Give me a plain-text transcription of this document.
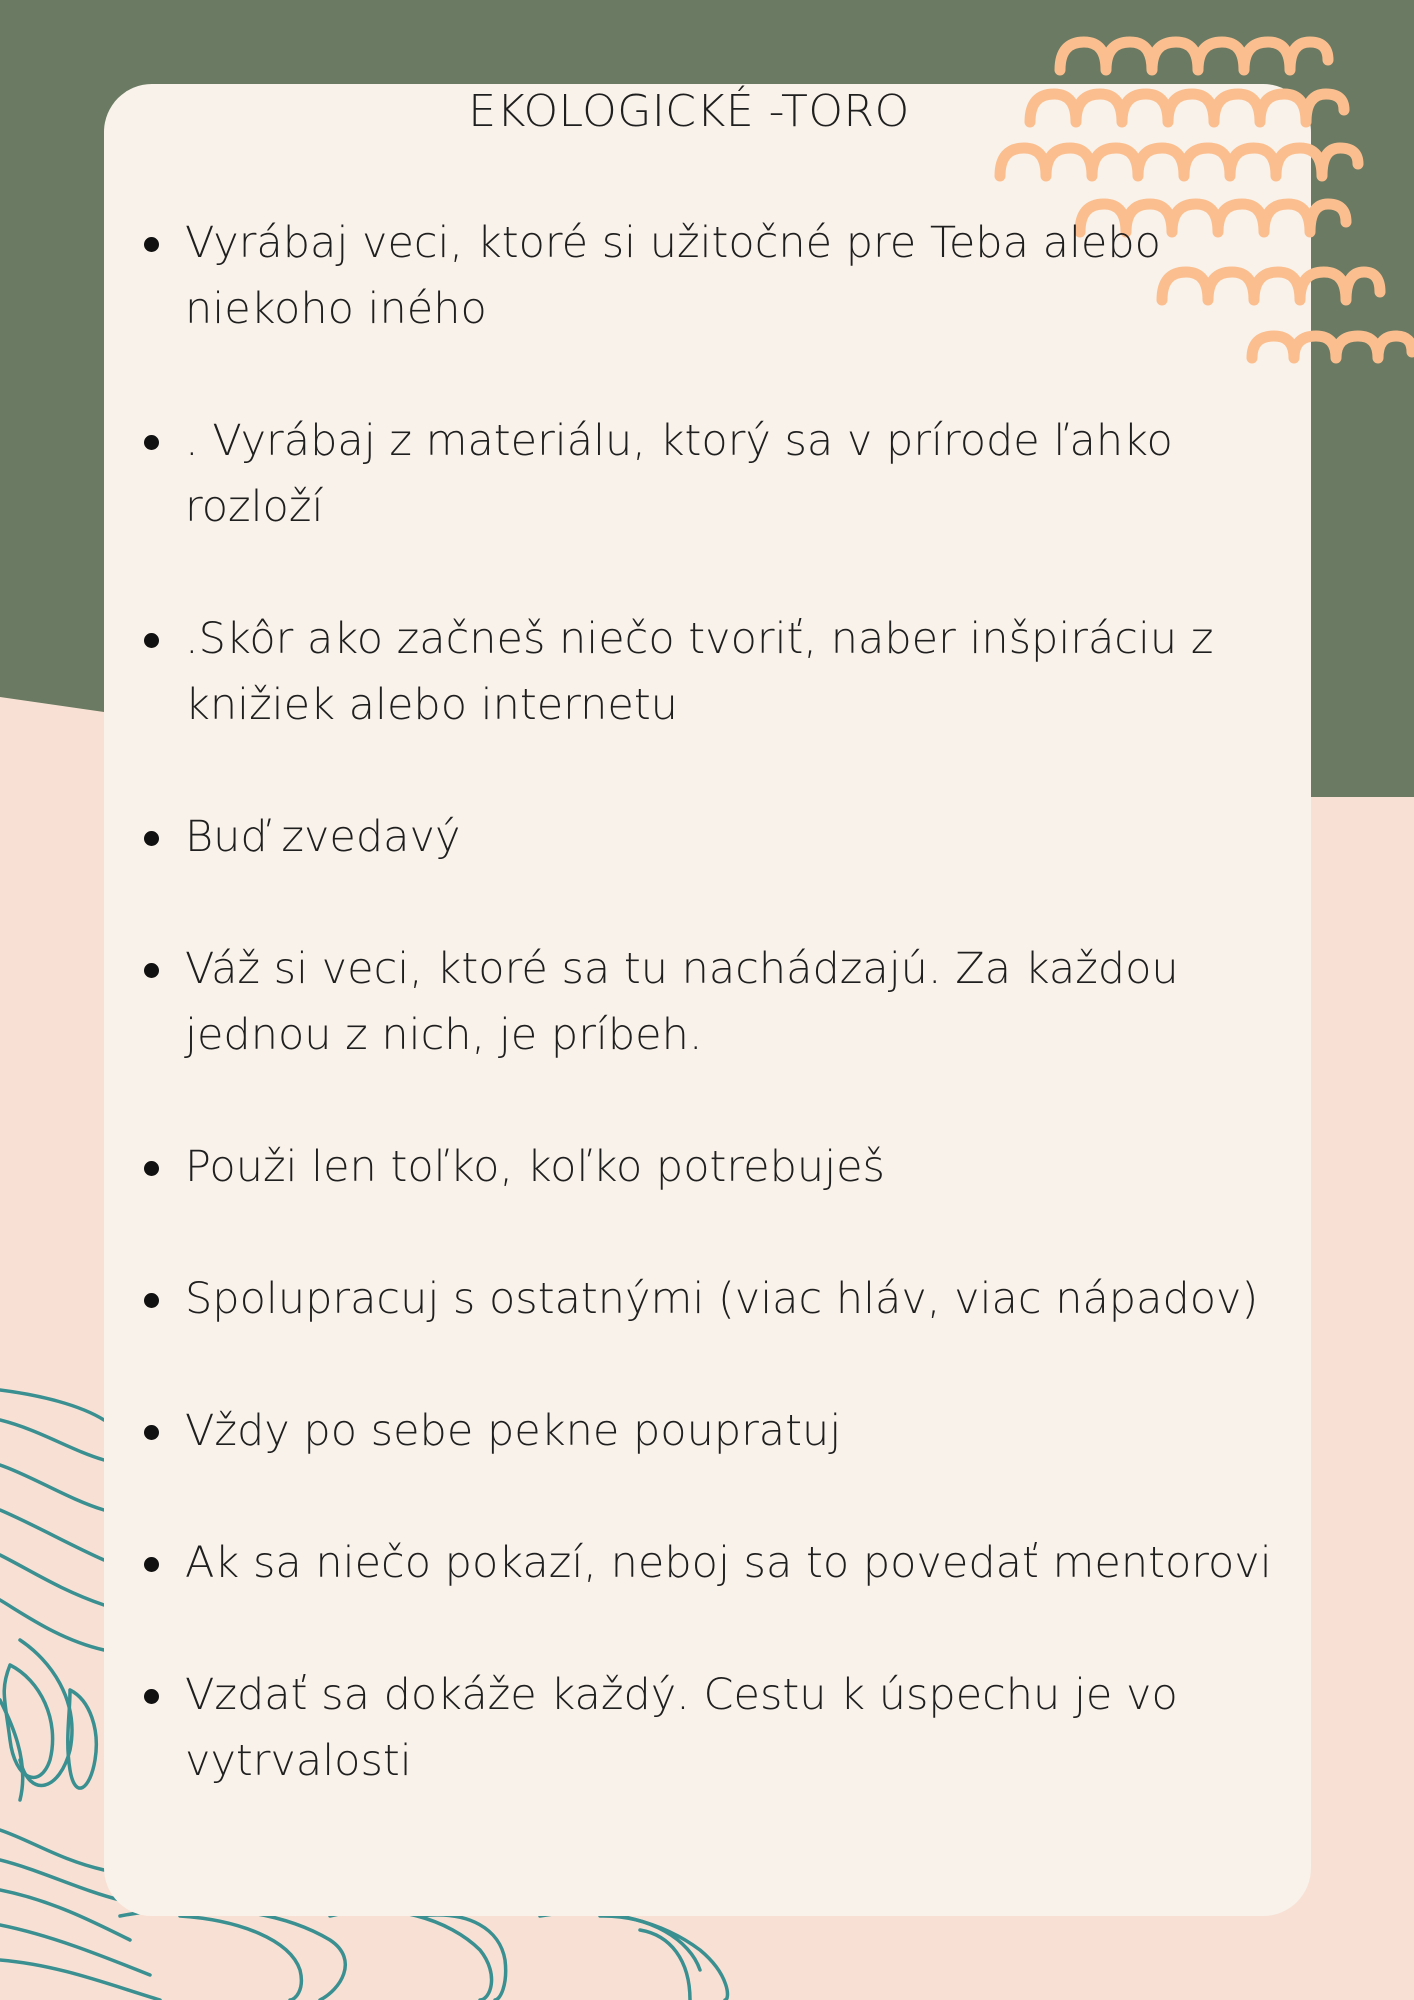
EKOLOGICKÉ -TORO
Vyrábaj veci, ktoré si užitočné pre Teba alebo niekoho iného
. Vyrábaj z materiálu, ktorý sa v prírode ľahko rozloží
.Skôr ako začneš niečo tvoriť, naber inšpiráciu z knižiek alebo internetu
Buď zvedavý
Váž si veci, ktoré sa tu nachádzajú. Za každou jednou z nich, je príbeh.
Použi len toľko, koľko potrebuješ
Spolupracuj s ostatnými (viac hláv, viac nápadov)
Vždy po sebe pekne poupratuj
Ak sa niečo pokazí, neboj sa to povedať mentorovi
Vzdať sa dokáže každý. Cestu k úspechu je vo vytrvalosti
